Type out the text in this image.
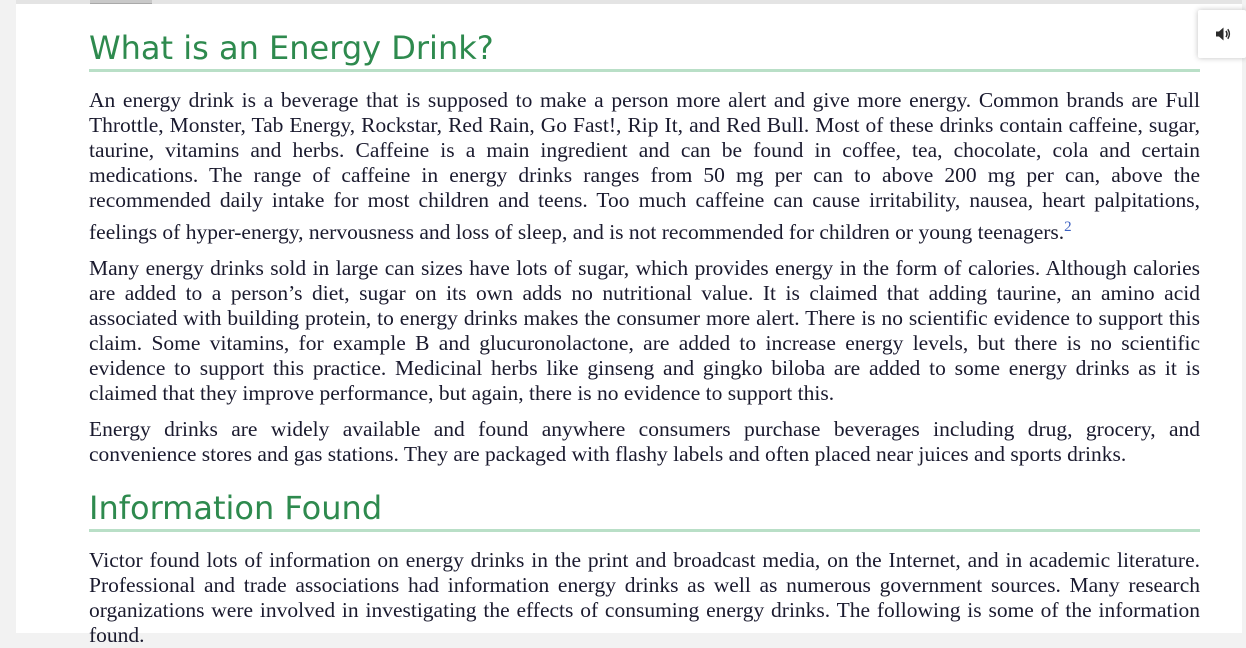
What is an Energy Drink?

An energy drink is a beverage that is supposed to make a person more alert and give more energy. Common brands are Full Throttle, Monster, Tab Energy, Rockstar, Red Rain, Go Fast!, Rip It, and Red Bull. Most of these drinks contain caffeine, sugar, taurine, vitamins and herbs. Caffeine is a main ingredient and can be found in coffee, tea, chocolate, cola and certain medications. The range of caffeine in energy drinks ranges from 50 mg per can to above 200 mg per can, above the recommended daily intake for most children and teens. Too much caffeine can cause irritability, nausea, heart palpitations, feelings of hyper-energy, nervousness and loss of sleep, and is not recommended for children or young teenagers.$^2$

Many energy drinks sold in large can sizes have lots of sugar, which provides energy in the form of calories. Although calories are added to a person’s diet, sugar on its own adds no nutritional value. It is claimed that adding taurine, an amino acid associated with building protein, to energy drinks makes the consumer more alert. There is no scientific evidence to support this claim. Some vitamins, for example B and glucuronolactone, are added to increase energy levels, but there is no scientific evidence to support this practice. Medicinal herbs like ginseng and gingko biloba are added to some energy drinks as it is claimed that they improve performance, but again, there is no evidence to support this.

Energy drinks are widely available and found anywhere consumers purchase beverages including drug, grocery, and convenience stores and gas stations. They are packaged with flashy labels and often placed near juices and sports drinks.

Information Found

Victor found lots of information on energy drinks in the print and broadcast media, on the Internet, and in academic literature. Professional and trade associations had information energy drinks as well as numerous government sources. Many research organizations were involved in investigating the effects of consuming energy drinks. The following is some of the information found.
